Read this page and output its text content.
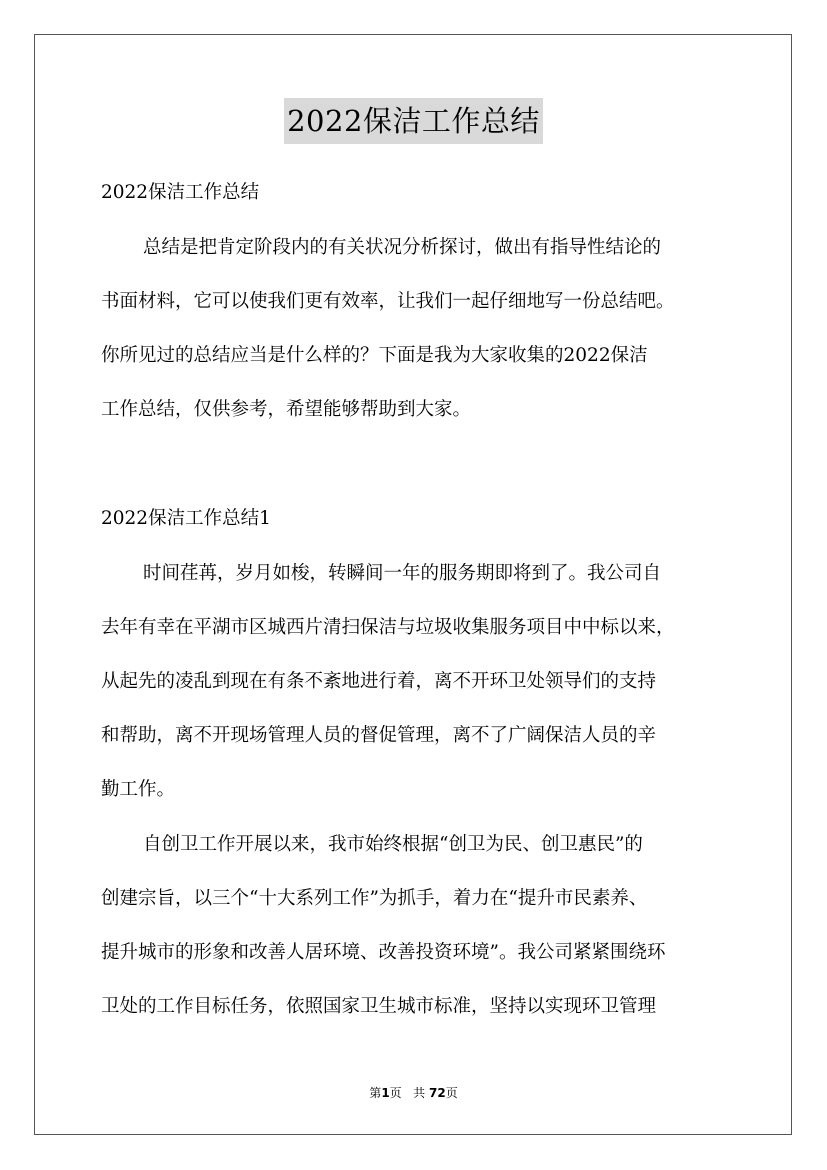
2022保洁工作总结
2022保洁工作总结
总结是把肯定阶段内的有关状况分析探讨，做出有指导性结论的
书面材料，它可以使我们更有效率，让我们一起仔细地写一份总结吧。
你所见过的总结应当是什么样的？下面是我为大家收集的2022保洁
工作总结，仅供参考，希望能够帮助到大家。
2022保洁工作总结1
时间荏苒，岁月如梭，转瞬间一年的服务期即将到了。我公司自
去年有幸在平湖市区城西片清扫保洁与垃圾收集服务项目中中标以来，
从起先的凌乱到现在有条不紊地进行着，离不开环卫处领导们的支持
和帮助，离不开现场管理人员的督促管理，离不了广阔保洁人员的辛
勤工作。
自创卫工作开展以来，我市始终根据“创卫为民、创卫惠民”的
创建宗旨，以三个“十大系列工作”为抓手，着力在“提升市民素养、
提升城市的形象和改善人居环境、改善投资环境”。我公司紧紧围绕环
卫处的工作目标任务，依照国家卫生城市标准，坚持以实现环卫管理
第1页 共 72页
